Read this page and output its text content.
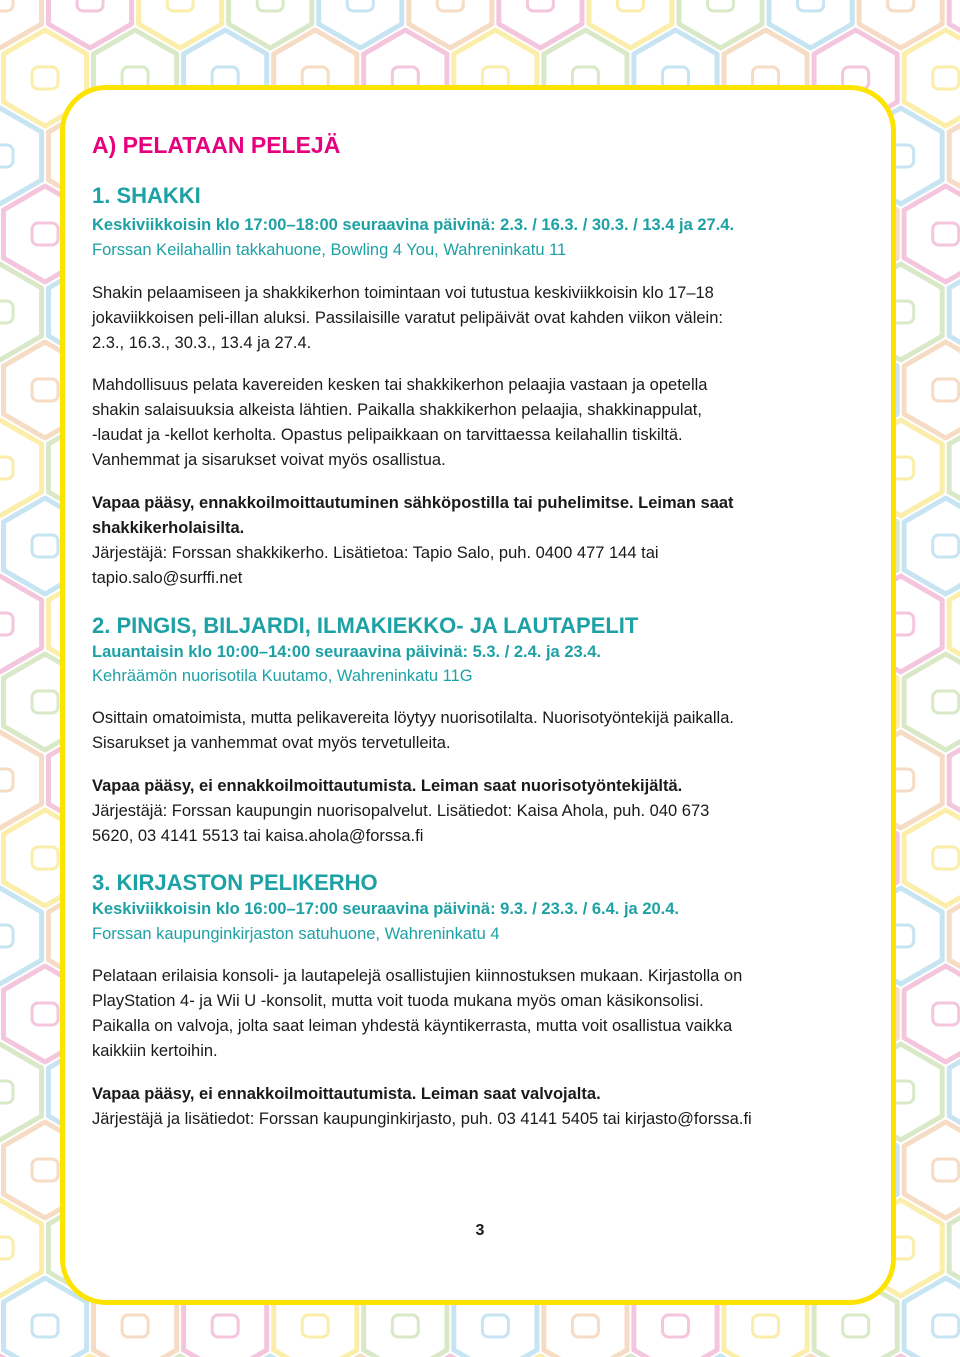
A) PELATAAN PELEJÄ
1. SHAKKI
Keskiviikkoisin klo 17:00–18:00 seuraavina päivinä: 2.3. / 16.3. / 30.3. / 13.4 ja 27.4.
Forssan Keilahallin takkahuone, Bowling 4 You, Wahreninkatu 11
Shakin pelaamiseen ja shakkikerhon toimintaan voi tutustua keskiviikkoisin klo 17–18
jokaviikkoisen peli-illan aluksi. Passilaisille varatut pelipäivät ovat kahden viikon välein:
2.3., 16.3., 30.3., 13.4 ja 27.4.
Mahdollisuus pelata kavereiden kesken tai shakkikerhon pelaajia vastaan ja opetella
shakin salaisuuksia alkeista lähtien. Paikalla shakkikerhon pelaajia, shakkinappulat,
-laudat ja -kellot kerholta. Opastus pelipaikkaan on tarvittaessa keilahallin tiskiltä.
Vanhemmat ja sisarukset voivat myös osallistua.
Vapaa pääsy, ennakkoilmoittautuminen sähköpostilla tai puhelimitse. Leiman saat
shakkikerholaisilta.
Järjestäjä: Forssan shakkikerho. Lisätietoa: Tapio Salo, puh. 0400 477 144 tai
tapio.salo@surffi.net
2. PINGIS, BILJARDI, ILMAKIEKKO- JA LAUTAPELIT
Lauantaisin klo 10:00–14:00 seuraavina päivinä: 5.3. / 2.4. ja 23.4.
Kehräämön nuorisotila Kuutamo, Wahreninkatu 11G
Osittain omatoimista, mutta pelikavereita löytyy nuorisotilalta. Nuorisotyöntekijä paikalla.
Sisarukset ja vanhemmat ovat myös tervetulleita.
Vapaa pääsy, ei ennakkoilmoittautumista. Leiman saat nuorisotyöntekijältä.
Järjestäjä: Forssan kaupungin nuorisopalvelut. Lisätiedot: Kaisa Ahola, puh. 040 673
5620, 03 4141 5513 tai kaisa.ahola@forssa.fi
3. KIRJASTON PELIKERHO
Keskiviikkoisin klo 16:00–17:00 seuraavina päivinä: 9.3. / 23.3. / 6.4. ja 20.4.
Forssan kaupunginkirjaston satuhuone, Wahreninkatu 4
Pelataan erilaisia konsoli- ja lautapelejä osallistujien kiinnostuksen mukaan. Kirjastolla on
PlayStation 4- ja Wii U -konsolit, mutta voit tuoda mukana myös oman käsikonsolisi.
Paikalla on valvoja, jolta saat leiman yhdestä käyntikerrasta, mutta voit osallistua vaikka
kaikkiin kertoihin.
Vapaa pääsy, ei ennakkoilmoittautumista. Leiman saat valvojalta.
Järjestäjä ja lisätiedot: Forssan kaupunginkirjasto, puh. 03 4141 5405 tai kirjasto@forssa.fi
3
